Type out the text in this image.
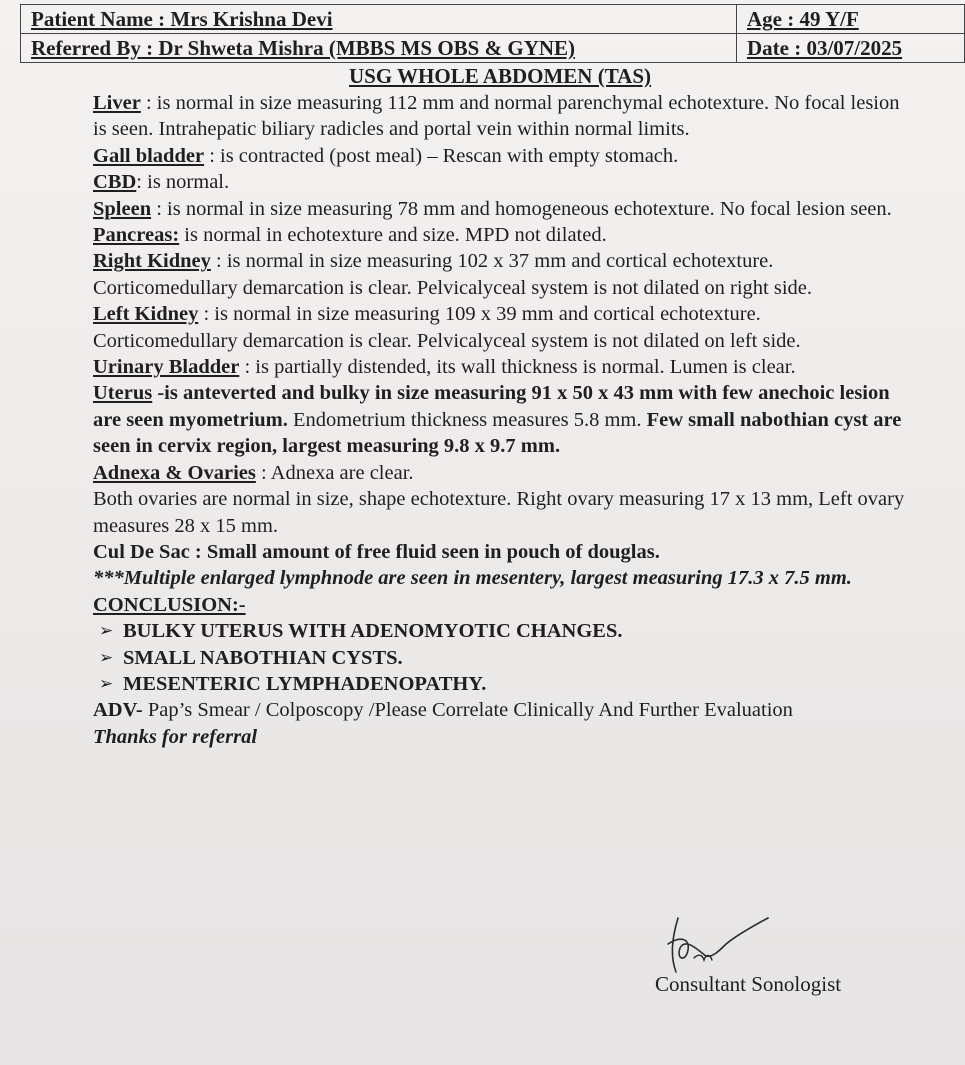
Patient Name : Mrs Krishna Devi	Age : 49 Y/F
Referred By : Dr Shweta Mishra (MBBS MS OBS & GYNE)	Date : 03/07/2025
USG WHOLE ABDOMEN (TAS)

Liver : is normal in size measuring 112 mm and normal parenchymal echotexture. No focal lesion is seen. Intrahepatic biliary radicles and portal vein within normal limits.

Gall bladder : is contracted (post meal) – Rescan with empty stomach.

CBD: is normal.

Spleen : is normal in size measuring 78 mm and homogeneous echotexture. No focal lesion seen.

Pancreas: is normal in echotexture and size. MPD not dilated.

Right Kidney : is normal in size measuring 102 x 37 mm and cortical echotexture. Corticomedullary demarcation is clear. Pelvicalyceal system is not dilated on right side.

Left Kidney : is normal in size measuring 109 x 39 mm and cortical echotexture. Corticomedullary demarcation is clear. Pelvicalyceal system is not dilated on left side.

Urinary Bladder : is partially distended, its wall thickness is normal. Lumen is clear.

Uterus -is anteverted and bulky in size measuring 91 x 50 x 43 mm with few anechoic lesion are seen myometrium. Endometrium thickness measures 5.8 mm. Few small nabothian cyst are seen in cervix region, largest measuring 9.8 x 9.7 mm.

Adnexa & Ovaries : Adnexa are clear.

Both ovaries are normal in size, shape echotexture. Right ovary measuring 17 x 13 mm, Left ovary measures 28 x 15 mm.

Cul De Sac : Small amount of free fluid seen in pouch of douglas.

***Multiple enlarged lymphnode are seen in mesentery, largest measuring 17.3 x 7.5 mm.

CONCLUSION:-

➢ BULKY UTERUS WITH ADENOMYOTIC CHANGES.
➢ SMALL NABOTHIAN CYSTS.
➢ MESENTERIC LYMPHADENOPATHY.

ADV- Pap’s Smear / Colposcopy /Please Correlate Clinically And Further Evaluation

Thanks for referral

Consultant Sonologist
